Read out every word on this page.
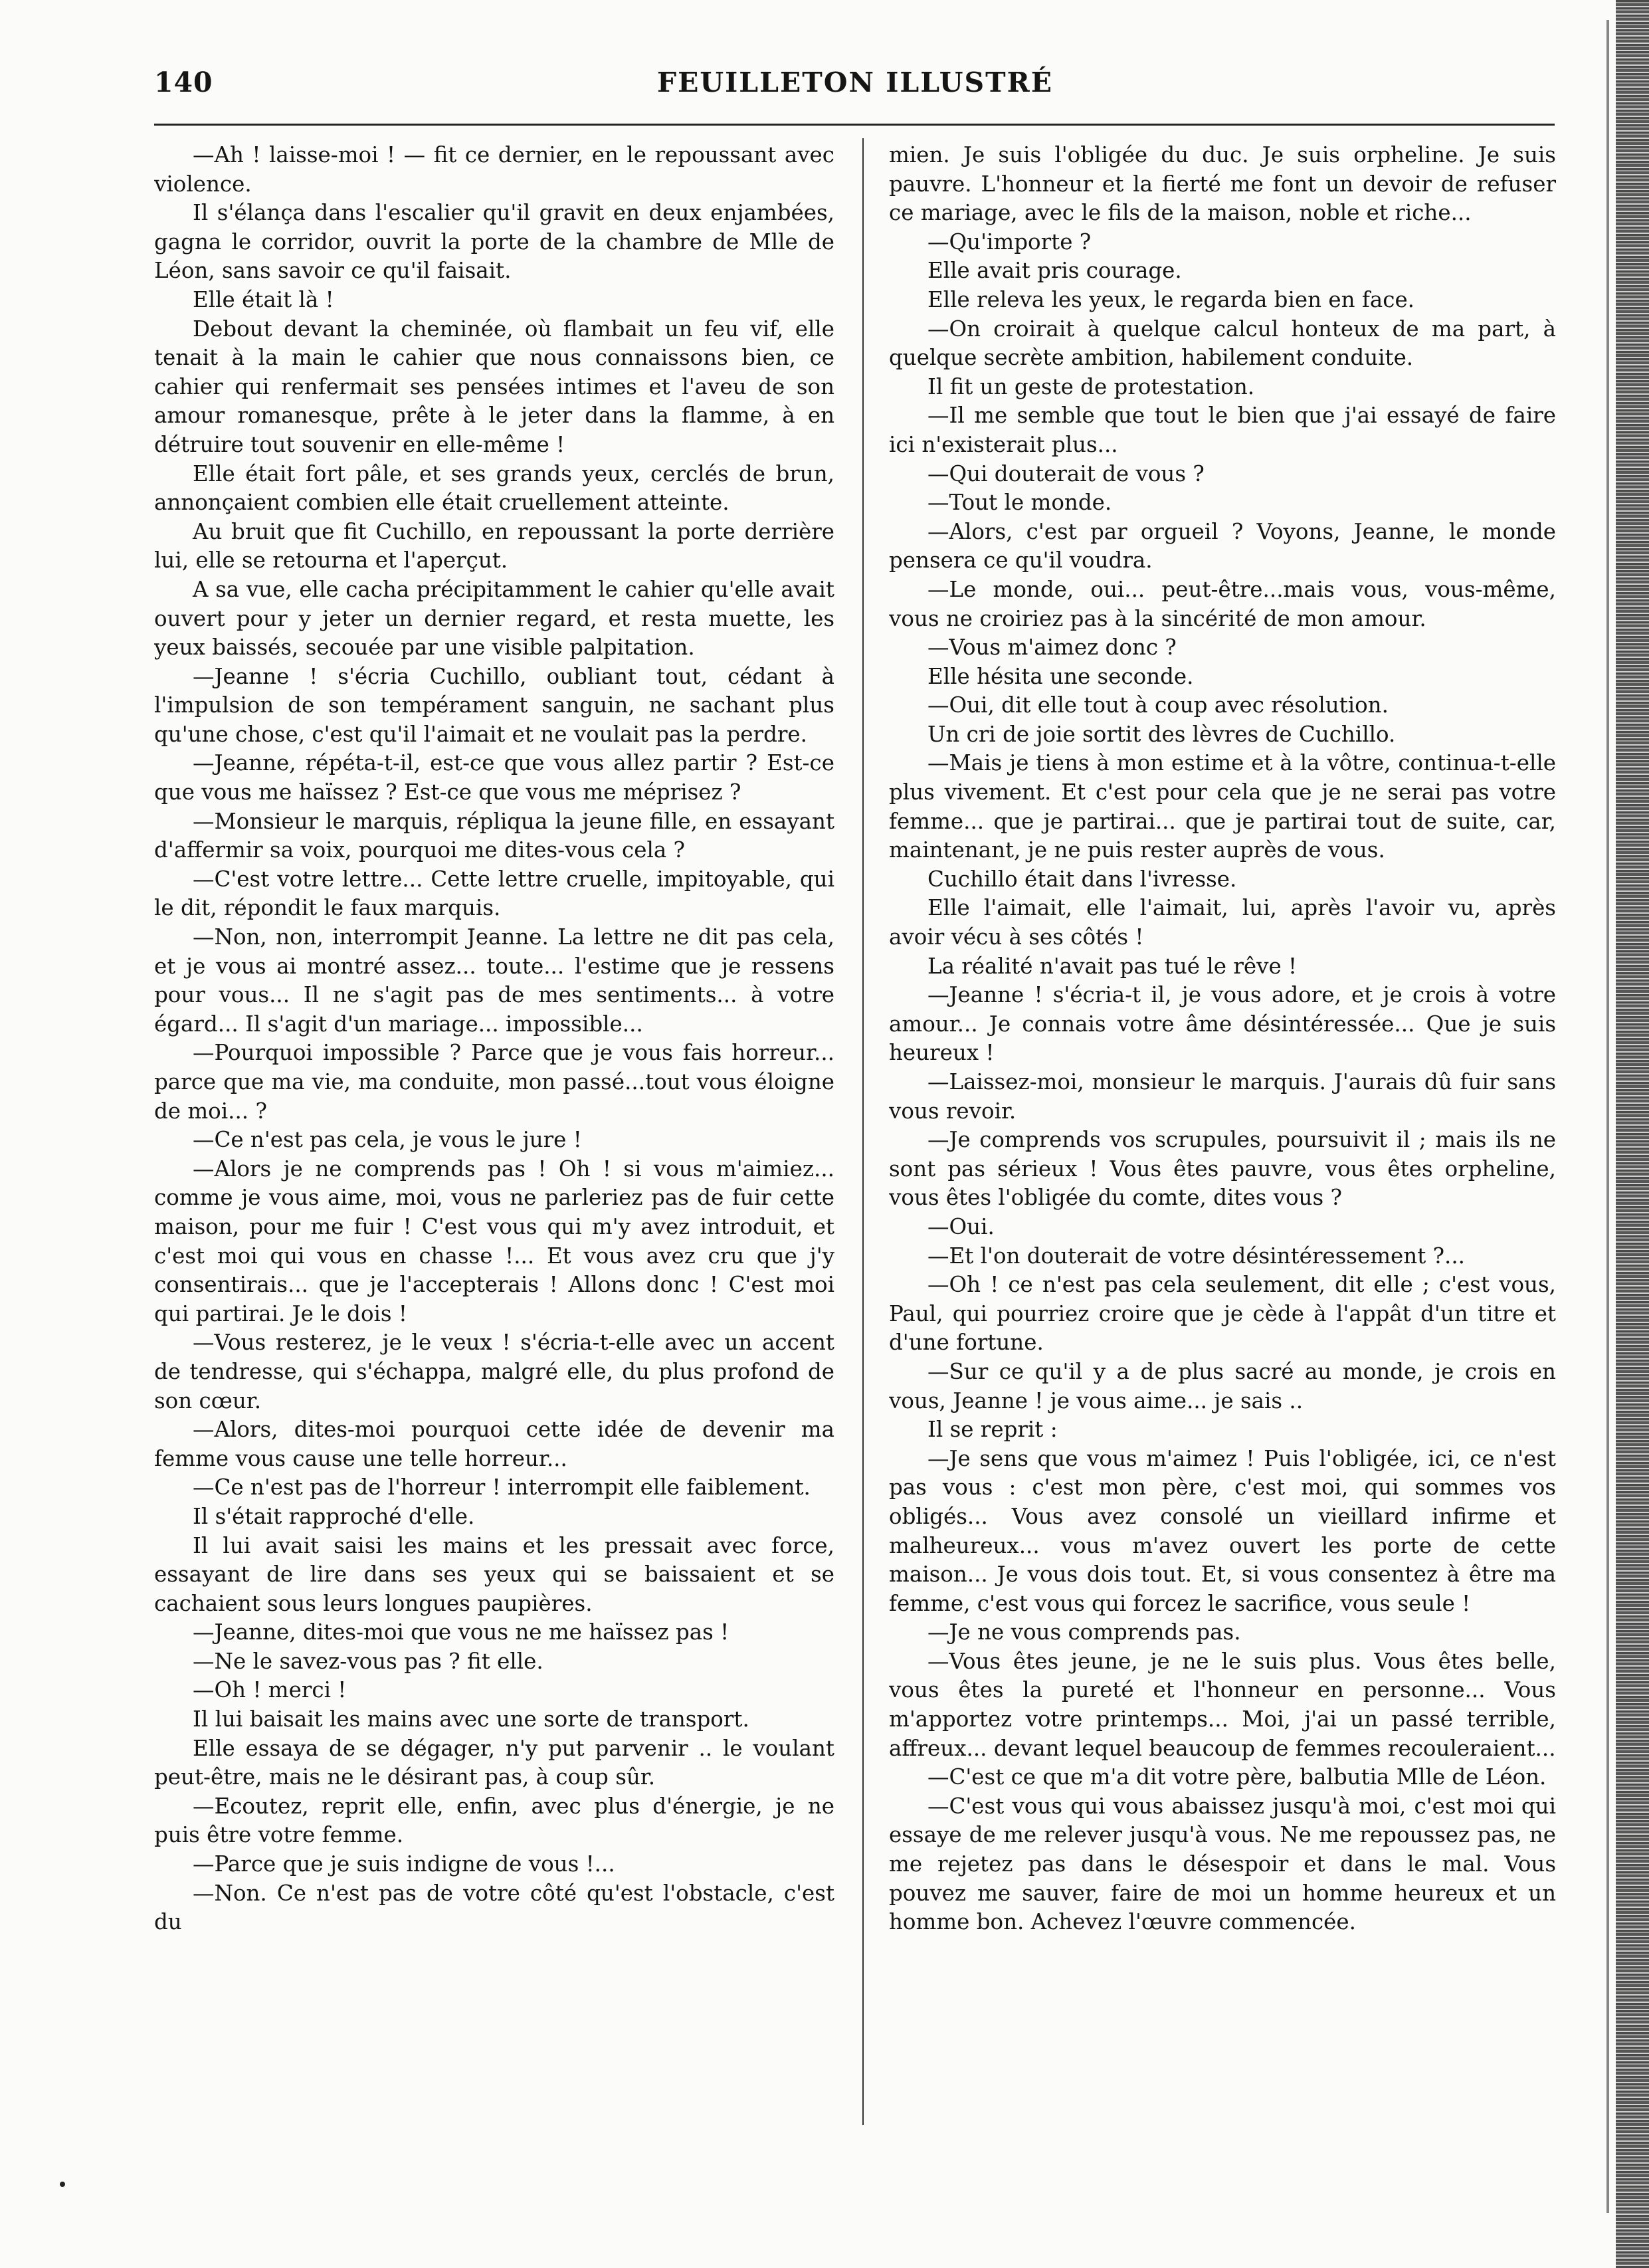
140	FEUILLETON ILLUSTRÉ

—Ah ! laisse-moi ! — fit ce dernier, en le repoussant avec violence.

Il s'élança dans l'escalier qu'il gravit en deux enjambées, gagna le corridor, ouvrit la porte de la chambre de Mlle de Léon, sans savoir ce qu'il faisait.

Elle était là !

Debout devant la cheminée, où flambait un feu vif, elle tenait à la main le cahier que nous connaissons bien, ce cahier qui renfermait ses pensées intimes et l'aveu de son amour romanesque, prête à le jeter dans la flamme, à en détruire tout souvenir en elle-même !

Elle était fort pâle, et ses grands yeux, cerclés de brun, annonçaient combien elle était cruellement atteinte.

Au bruit que fit Cuchillo, en repoussant la porte derrière lui, elle se retourna et l'aperçut.

A sa vue, elle cacha précipitamment le cahier qu'elle avait ouvert pour y jeter un dernier regard, et resta muette, les yeux baissés, secouée par une visible palpitation.

—Jeanne ! s'écria Cuchillo, oubliant tout, cédant à l'impulsion de son tempérament sanguin, ne sachant plus qu'une chose, c'est qu'il l'aimait et ne voulait pas la perdre.

—Jeanne, répéta-t-il, est-ce que vous allez partir ? Est-ce que vous me haïssez ? Est-ce que vous me méprisez ?

—Monsieur le marquis, répliqua la jeune fille, en essayant d'affermir sa voix, pourquoi me dites-vous cela ?

—C'est votre lettre... Cette lettre cruelle, impitoyable, qui le dit, répondit le faux marquis.

—Non, non, interrompit Jeanne. La lettre ne dit pas cela, et je vous ai montré assez... toute... l'estime que je ressens pour vous... Il ne s'agit pas de mes sentiments... à votre égard... Il s'agit d'un mariage... impossible...

—Pourquoi impossible ? Parce que je vous fais horreur... parce que ma vie, ma conduite, mon passé...tout vous éloigne de moi... ?

—Ce n'est pas cela, je vous le jure !

—Alors je ne comprends pas ! Oh ! si vous m'aimiez... comme je vous aime, moi, vous ne parleriez pas de fuir cette maison, pour me fuir ! C'est vous qui m'y avez introduit, et c'est moi qui vous en chasse !... Et vous avez cru que j'y consentirais... que je l'accepterais ! Allons donc ! C'est moi qui partirai. Je le dois !

—Vous resterez, je le veux ! s'écria-t-elle avec un accent de tendresse, qui s'échappa, malgré elle, du plus profond de son cœur.

—Alors, dites-moi pourquoi cette idée de devenir ma femme vous cause une telle horreur...

—Ce n'est pas de l'horreur ! interrompit elle faiblement.

Il s'était rapproché d'elle.

Il lui avait saisi les mains et les pressait avec force, essayant de lire dans ses yeux qui se baissaient et se cachaient sous leurs longues paupières.

—Jeanne, dites-moi que vous ne me haïssez pas !

—Ne le savez-vous pas ? fit elle.

—Oh ! merci !

Il lui baisait les mains avec une sorte de transport.

Elle essaya de se dégager, n'y put parvenir .. le voulant peut-être, mais ne le désirant pas, à coup sûr.

—Ecoutez, reprit elle, enfin, avec plus d'énergie, je ne puis être votre femme.

—Parce que je suis indigne de vous !...

—Non. Ce n'est pas de votre côté qu'est l'obstacle, c'est du

mien. Je suis l'obligée du duc. Je suis orpheline. Je suis pauvre. L'honneur et la fierté me font un devoir de refuser ce mariage, avec le fils de la maison, noble et riche...

—Qu'importe ?

Elle avait pris courage.

Elle releva les yeux, le regarda bien en face.

—On croirait à quelque calcul honteux de ma part, à quelque secrète ambition, habilement conduite.

Il fit un geste de protestation.

—Il me semble que tout le bien que j'ai essayé de faire ici n'existerait plus...

—Qui douterait de vous ?

—Tout le monde.

—Alors, c'est par orgueil ? Voyons, Jeanne, le monde pensera ce qu'il voudra.

—Le monde, oui... peut-être...mais vous, vous-même, vous ne croiriez pas à la sincérité de mon amour.

—Vous m'aimez donc ?

Elle hésita une seconde.

—Oui, dit elle tout à coup avec résolution.

Un cri de joie sortit des lèvres de Cuchillo.

—Mais je tiens à mon estime et à la vôtre, continua-t-elle plus vivement. Et c'est pour cela que je ne serai pas votre femme... que je partirai... que je partirai tout de suite, car, maintenant, je ne puis rester auprès de vous.

Cuchillo était dans l'ivresse.

Elle l'aimait, elle l'aimait, lui, après l'avoir vu, après avoir vécu à ses côtés !

La réalité n'avait pas tué le rêve !

—Jeanne ! s'écria-t il, je vous adore, et je crois à votre amour... Je connais votre âme désintéressée... Que je suis heureux !

—Laissez-moi, monsieur le marquis. J'aurais dû fuir sans vous revoir.

—Je comprends vos scrupules, poursuivit il ; mais ils ne sont pas sérieux ! Vous êtes pauvre, vous êtes orpheline, vous êtes l'obligée du comte, dites vous ?

—Oui.

—Et l'on douterait de votre désintéressement ?...

—Oh ! ce n'est pas cela seulement, dit elle ; c'est vous, Paul, qui pourriez croire que je cède à l'appât d'un titre et d'une fortune.

—Sur ce qu'il y a de plus sacré au monde, je crois en vous, Jeanne ! je vous aime... je sais ..

Il se reprit :

—Je sens que vous m'aimez ! Puis l'obligée, ici, ce n'est pas vous : c'est mon père, c'est moi, qui sommes vos obligés... Vous avez consolé un vieillard infirme et malheureux... vous m'avez ouvert les porte de cette maison... Je vous dois tout. Et, si vous consentez à être ma femme, c'est vous qui forcez le sacrifice, vous seule !

—Je ne vous comprends pas.

—Vous êtes jeune, je ne le suis plus. Vous êtes belle, vous êtes la pureté et l'honneur en personne... Vous m'apportez votre printemps... Moi, j'ai un passé terrible, affreux... devant lequel beaucoup de femmes recouleraient...

—C'est ce que m'a dit votre père, balbutia Mlle de Léon.

—C'est vous qui vous abaissez jusqu'à moi, c'est moi qui essaye de me relever jusqu'à vous. Ne me repoussez pas, ne me rejetez pas dans le désespoir et dans le mal. Vous pouvez me sauver, faire de moi un homme heureux et un homme bon. Achevez l'œuvre commencée.
